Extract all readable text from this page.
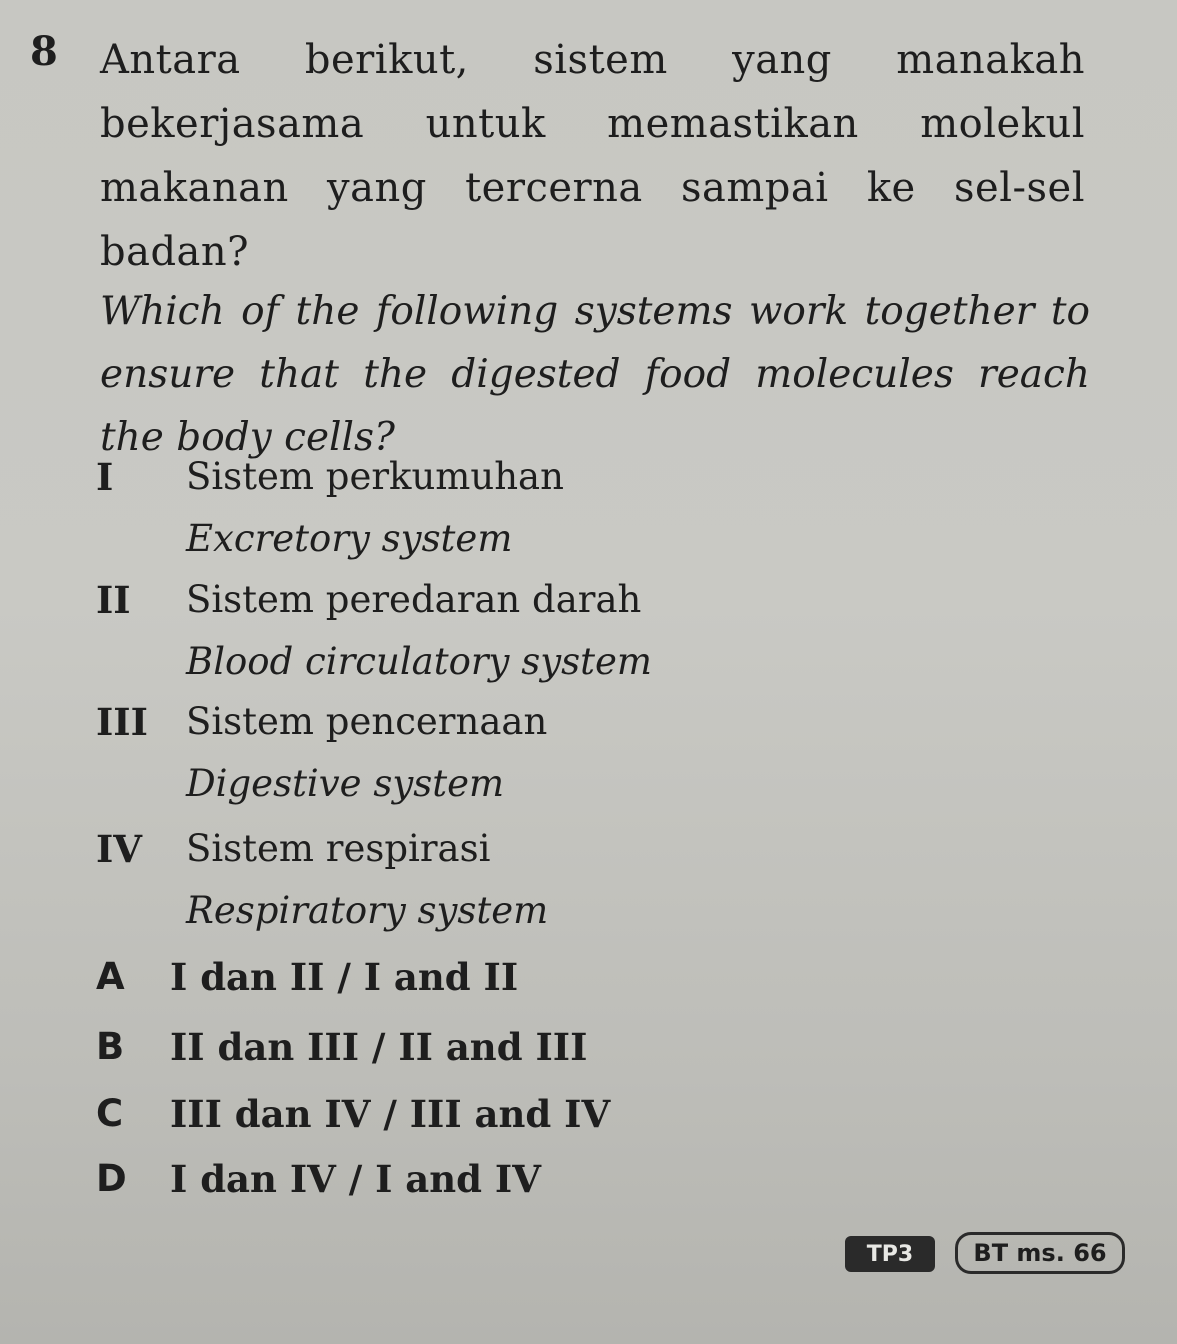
8 Antara berikut, sistem yang manakah bekerjasama untuk memastikan molekul makanan yang tercerna sampai ke sel-sel badan?
Which of the following systems work together to ensure that the digested food molecules reach the body cells?
I Sistem perkumuhan
Excretory system
II Sistem peredaran darah
Blood circulatory system
III Sistem pencernaan
Digestive system
IV Sistem respirasi
Respiratory system
A I dan II / I and II
B II dan III / II and III
C III dan IV / III and IV
D I dan IV / I and IV
TP3	BT ms. 66
